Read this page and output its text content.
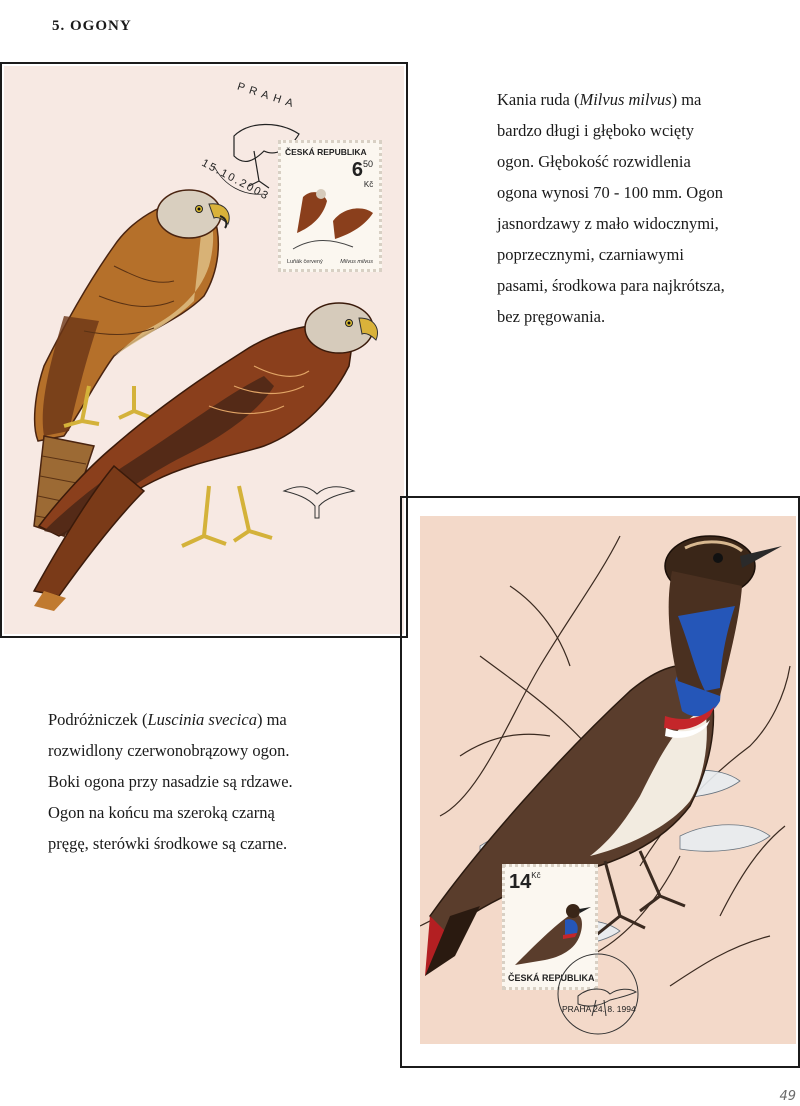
5. OGONY
PRAHA
15.10.2003
ČESKÁ REPUBLIKA
$6^{50}$
$^{Kč}$
Luňák červený	Milvus milvus
Kania ruda (Milvus milvus) ma
bardzo długi i głęboko wcięty
ogon. Głębokość rozwidlenia
ogona wynosi 70 - 100 mm. Ogon
jasnordzawy z mało widocznymi,
poprzecznymi, czarniawymi
pasami, środkowa para najkrótsza,
bez pręgowania.
Podróżniczek (Luscinia svecica) ma
rozwidlony czerwonobrązowy ogon.
Boki ogona przy nasadzie są rdzawe.
Ogon na końcu ma szeroką czarną
pręgę, sterówki środkowe są czarne.
$14^{Kč}$
ČESKÁ REPUBLIKA
PRAHA 24. 8. 1994
49
